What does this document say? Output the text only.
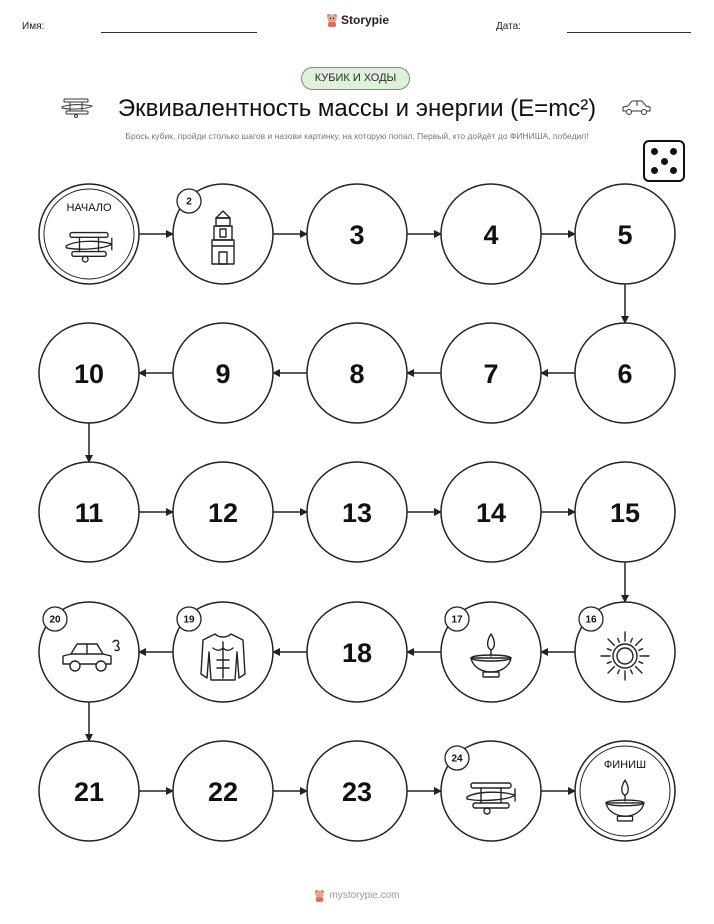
Имя:	Storypie	Дата:
КУБИК И ХОДЫ
Эквивалентность массы и энергии (E=mc²)
Брось кубик, пройди столько шагов и назови картинку, на которую попал. Первый, кто дойдёт до ФИНИША, победил!
НАЧАЛО	2
3	4	5
6
7
8
9
10
11	12	13	14	15
16
17
18
19
20
21	22	23
24	ФИНИШ
mystorypie.com
